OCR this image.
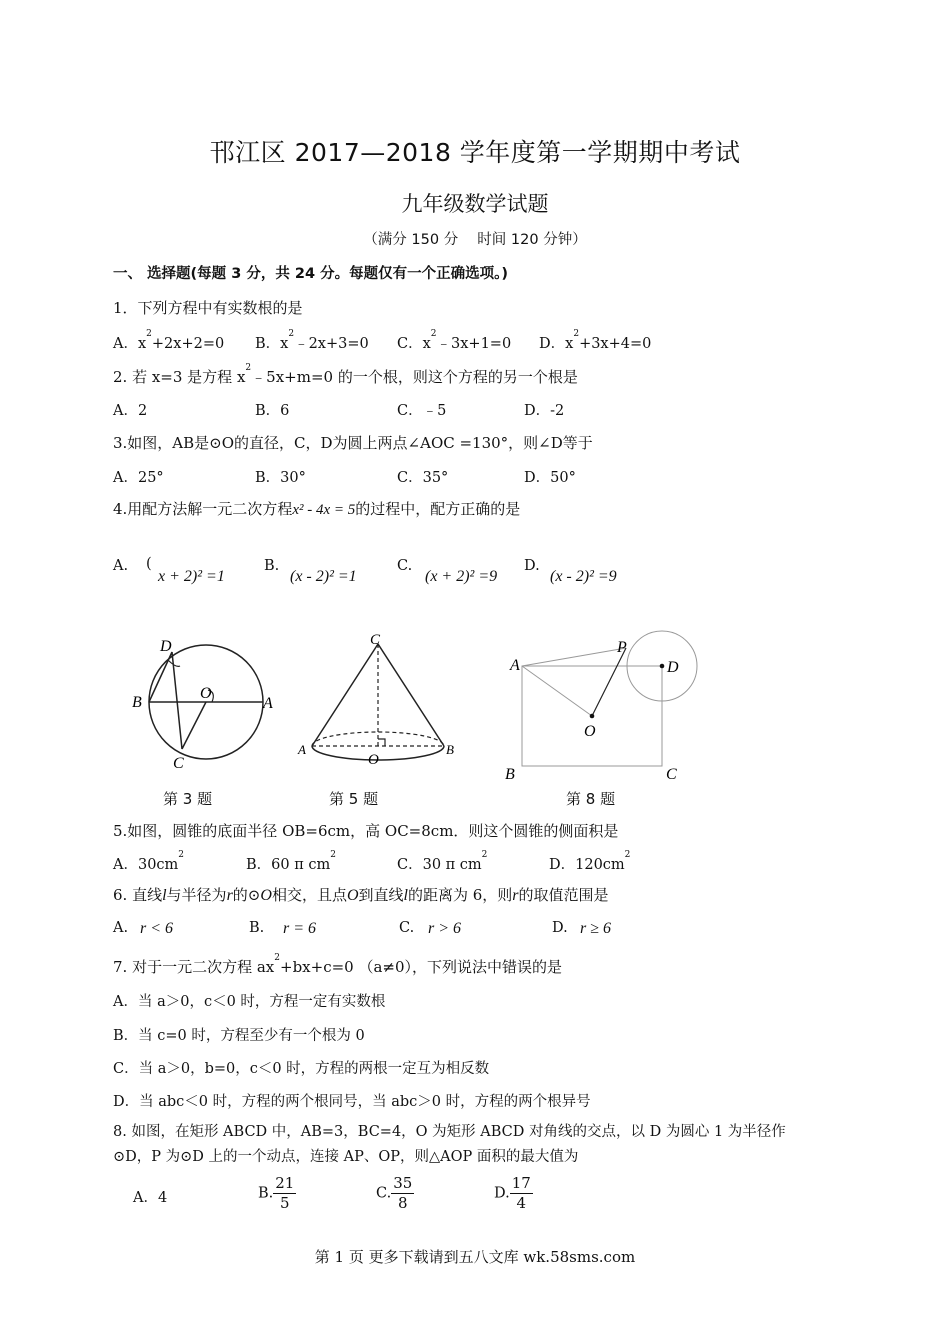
邗江区 2017—2018 学年度第一学期期中考试
九年级数学试题
（满分 150 分　 时间 120 分钟）
一、 选择题(每题 3 分，共 24 分。每题仅有一个正确选项。)
1．下列方程中有实数根的是
A．$x^2+2x+2=0$ B．$x^2﹣2x+3=0$ C．$x^2﹣3x+1=0$ D．$x^2+3x+4=0$
2. 若 x=3 是方程 $x^2﹣5x+m=0$ 的一个根，则这个方程的另一个根是
A．2	B．6	C．﹣5	D．-2
3.如图，AB是⊙O的直径，C，D为圆上两点∠AOC =130°，则∠D等于
A．25°	B．30°	C．35°	D．50°
4.用配方法解一元二次方程x² - 4x = 5的过程中，配方正确的是
A. (
x + 2)² =1
B.
(x - 2)² =1
C.
(x + 2)² =9
D.
(x - 2)² =9
D
B	A
C
O
C
A	B
O
A
P
D
O
B	C
第 3 题	第 5 题	第 8 题
5.如图，圆锥的底面半径 OB=6cm，高 OC=8cm．则这个圆锥的侧面积是
A．$30cm^2$
B．60 π $cm^2$
C．30 π $cm^2$
D．$120cm^2$
6. 直线l与半径为r的⊙O相交，且点O到直线l的距离为 6，则r的取值范围是
A. r < 6	B. r = 6	C. r > 6	D. r ≥ 6
7. 对于一元二次方程 $ax^2+bx+c=0$ （a≠0），下列说法中错误的是
A．当 a＞0，c＜0 时，方程一定有实数根
B．当 c=0 时，方程至少有一个根为 0
C．当 a＞0，b=0，c＜0 时，方程的两根一定互为相反数
D．当 abc＜0 时，方程的两个根同号，当 abc＞0 时，方程的两个根异号
8. 如图，在矩形 ABCD 中，AB=3，BC=4，O 为矩形 ABCD 对角线的交点，以 D 为圆心 1 为半径作
⊙D，P 为⊙D 上的一个动点，连接 AP、OP，则△AOP 面积的最大值为
A．4	B. $\frac{21}{5}$	C. $\frac{35}{8}$	D. $\frac{17}{4}$
第 1 页 更多下载请到五八文库 wk.58sms.com
